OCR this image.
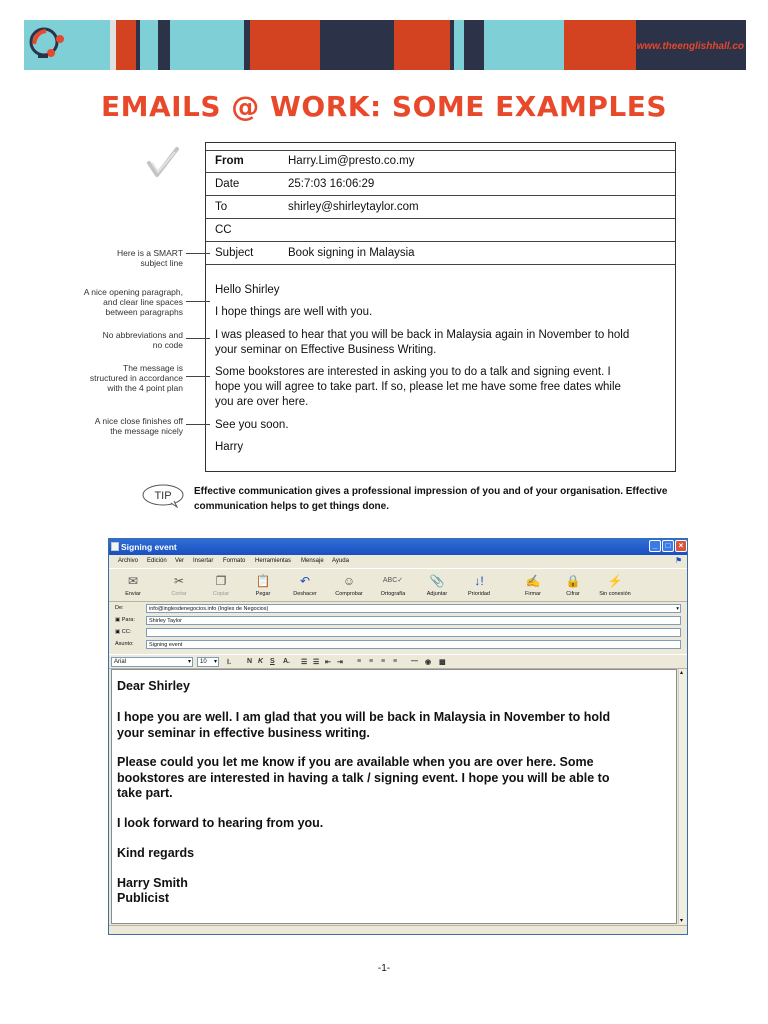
www.theenglishhall.co
EMAILS @ WORK: SOME EXAMPLES
From	Harry.Lim@presto.co.my
Date	25:7:03 16:06:29
To	shirley@shirleytaylor.com
CC
Subject	Book signing in Malaysia
Hello Shirley
I hope things are well with you.
I was pleased to hear that you will be back in Malaysia again in November to hold
your seminar on Effective Business Writing.
Some bookstores are interested in asking you to do a talk and signing event. I
hope you will agree to take part. If so, please let me have some free dates while
you are over here.
See you soon.
Harry
Here is a SMART
subject line
A nice opening paragraph,
and clear line spaces
between paragraphs
No abbreviations and
no code
The message is
structured in accordance
with the 4 point plan
A nice close finishes off
the message nicely
TIP Effective communication gives a professional impression of you and of your organisation. Effective
communication helps to get things done.
Signing event	_	□	×
Archivo Edición Ver Insertar Formato Herramientas Mensaje Ayuda	⚑
✉
Enviar
✂
Cortar
❐
Copiar
📋
Pegar
↶
Deshacer
☺
Comprobar
ABC✓
Ortografía
📎
Adjuntar
↓!
Prioridad
✍
Firmar
🔒
Cifrar
⚡
Sin conexión
De:	info@inglesdenegocios.info (Ingles de Negocios)	▾
▣ Para:	Shirley Taylor
▣ CC:
Asunto:	Signing event
Arial	▾	10 ▾ Ⅰ. N K S A. ☰ ☰ ⇤ ⇥ ≡ ≡ ≡ ≡ — ◉ ▩

Dear Shirley

I hope you are well. I am glad that you will be back in Malaysia in November to hold

your seminar in effective business writing.

Please could you let me know if you are available when you are over here. Some

bookstores are interested in having a talk / signing event. I hope you will be able to

take part.

I look forward to hearing from you.

Kind regards

Harry Smith

Publicist

▴
▾
-1-
